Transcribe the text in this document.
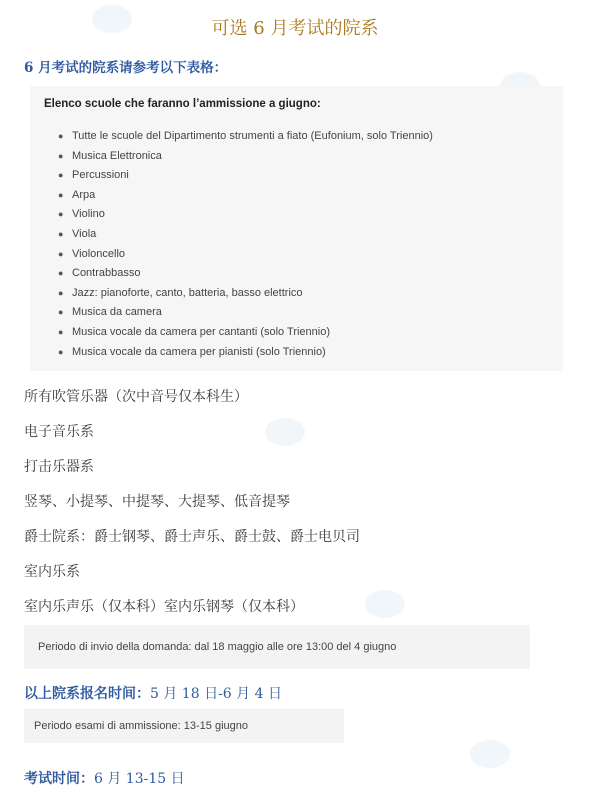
可选 6 月考试的院系
6 月考试的院系请参考以下表格：
Elenco scuole che faranno l’ammissione a giugno:
● Tutte le scuole del Dipartimento strumenti a fiato (Eufonium, solo Triennio)
● Musica Elettronica
● Percussioni
● Arpa
● Violino
● Viola
● Violoncello
● Contrabbasso
● Jazz: pianoforte, canto, batteria, basso elettrico
● Musica da camera
● Musica vocale da camera per cantanti (solo Triennio)
● Musica vocale da camera per pianisti (solo Triennio)
所有吹管乐器（次中音号仅本科生）
电子音乐系
打击乐器系
竖琴、小提琴、中提琴、大提琴、低音提琴
爵士院系：爵士钢琴、爵士声乐、爵士鼓、爵士电贝司
室内乐系
室内乐声乐（仅本科）室内乐钢琴（仅本科）
Periodo di invio della domanda: dal 18 maggio alle ore 13:00 del 4 giugno
以上院系报名时间：5 月 18 日-6 月 4 日
Periodo esami di ammissione: 13-15 giugno
考试时间：6 月 13-15 日
